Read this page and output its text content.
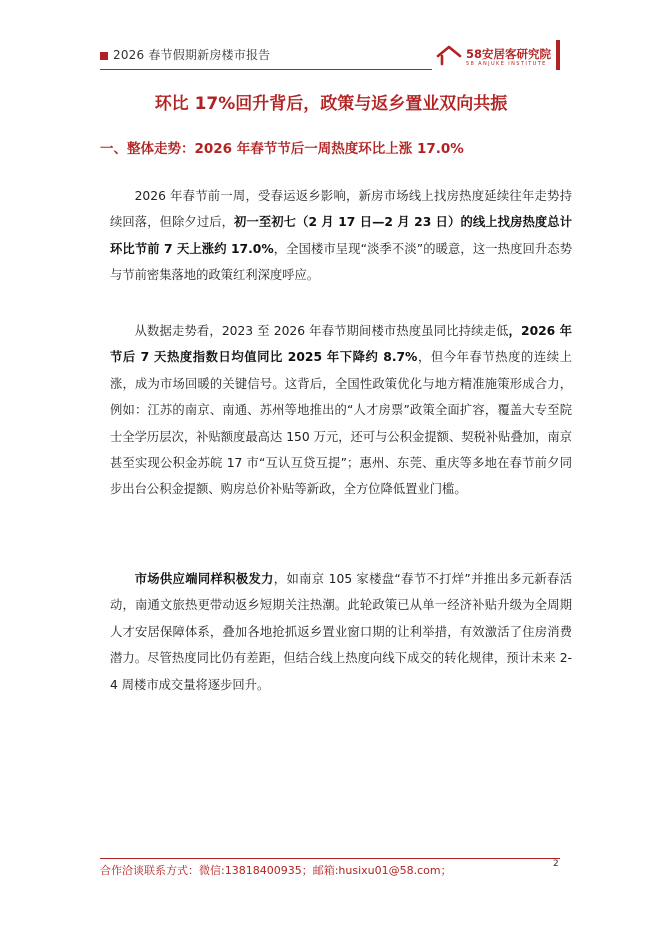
2026 春节假期新房楼市报告	58安居客研究院
58 ANJUKE INSTITUTE
环比 17%回升背后，政策与返乡置业双向共振
一、整体走势：2026 年春节节后一周热度环比上涨 17.0%

2026 年春节前一周，受春运返乡影响，新房市场线上找房热度延续往年走势持续回落，但除夕过后，初一至初七（2 月 17 日—2 月 23 日）的线上找房热度总计环比节前 7 天上涨约 17.0%，全国楼市呈现“淡季不淡”的暖意，这一热度回升态势与节前密集落地的政策红利深度呼应。

从数据走势看，2023 至 2026 年春节期间楼市热度虽同比持续走低，2026 年节后 7 天热度指数日均值同比 2025 年下降约 8.7%，但今年春节热度的连续上涨，成为市场回暖的关键信号。这背后，全国性政策优化与地方精准施策形成合力，例如：江苏的南京、南通、苏州等地推出的“人才房票”政策全面扩容，覆盖大专至院士全学历层次，补贴额度最高达 150 万元，还可与公积金提额、契税补贴叠加，南京甚至实现公积金苏皖 17 市“互认互贷互提”；惠州、东莞、重庆等多地在春节前夕同步出台公积金提额、购房总价补贴等新政，全方位降低置业门槛。

市场供应端同样积极发力，如南京 105 家楼盘“春节不打烊”并推出多元新春活动，南通文旅热更带动返乡短期关注热潮。此轮政策已从单一经济补贴升级为全周期人才安居保障体系，叠加各地抢抓返乡置业窗口期的让利举措，有效激活了住房消费潜力。尽管热度同比仍有差距，但结合线上热度向线下成交的转化规律，预计未来 2-4 周楼市成交量将逐步回升。

合作洽谈联系方式：微信:13818400935；邮箱:husixu01@58.com；	2
